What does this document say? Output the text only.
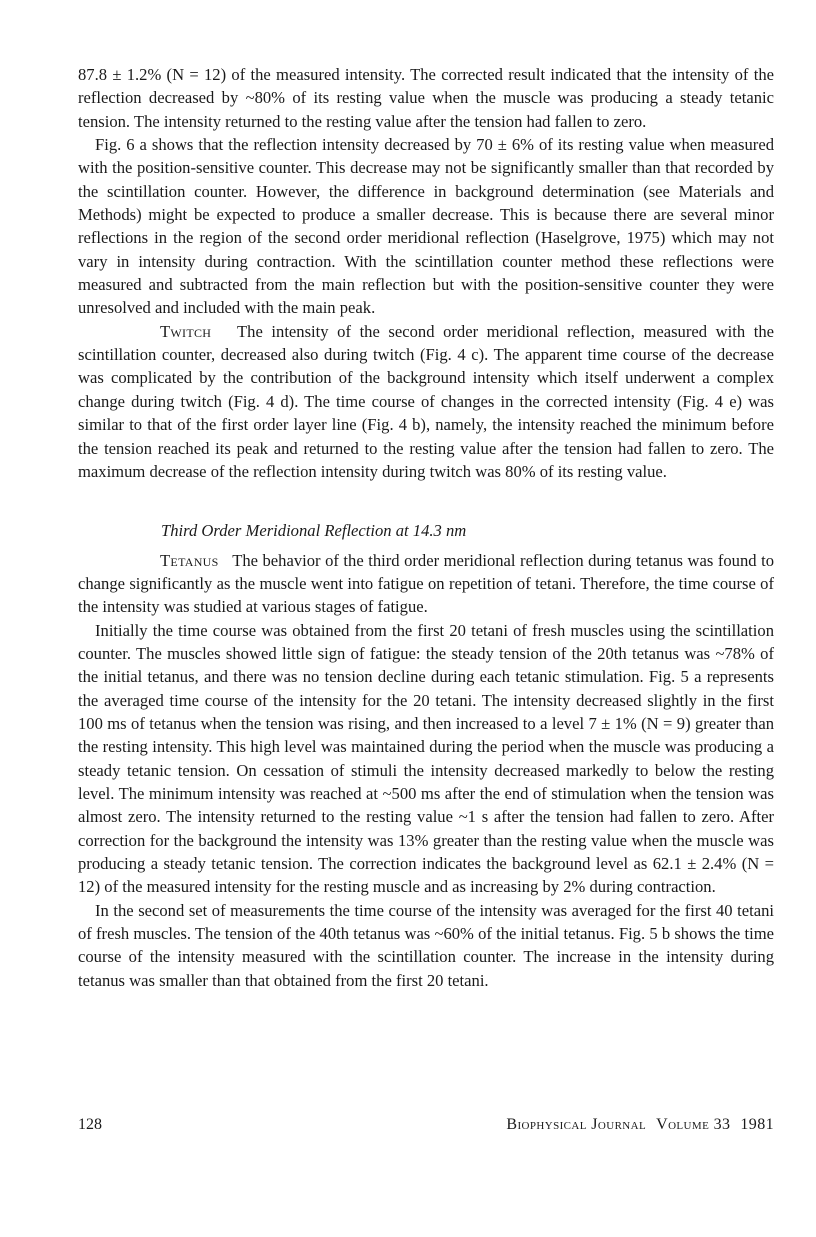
87.8 ± 1.2% (N = 12) of the measured intensity. The corrected result indicated that the intensity of the reflection decreased by ~80% of its resting value when the muscle was producing a steady tetanic tension. The intensity returned to the resting value after the tension had fallen to zero.

Fig. 6 a shows that the reflection intensity decreased by 70 ± 6% of its resting value when measured with the position-sensitive counter. This decrease may not be significantly smaller than that recorded by the scintillation counter. However, the difference in background determination (see Materials and Methods) might be expected to produce a smaller decrease. This is because there are several minor reflections in the region of the second order meridional reflection (Haselgrove, 1975) which may not vary in intensity during contraction. With the scintillation counter method these reflections were measured and subtracted from the main reflection but with the position-sensitive counter they were unresolved and included with the main peak.

Twitch The intensity of the second order meridional reflection, measured with the scintillation counter, decreased also during twitch (Fig. 4 c). The apparent time course of the decrease was complicated by the contribution of the background intensity which itself underwent a complex change during twitch (Fig. 4 d). The time course of changes in the corrected intensity (Fig. 4 e) was similar to that of the first order layer line (Fig. 4 b), namely, the intensity reached the minimum before the tension reached its peak and returned to the resting value after the tension had fallen to zero. The maximum decrease of the reflection intensity during twitch was 80% of its resting value.

Third Order Meridional Reflection at 14.3 nm

Tetanus The behavior of the third order meridional reflection during tetanus was found to change significantly as the muscle went into fatigue on repetition of tetani. Therefore, the time course of the intensity was studied at various stages of fatigue.

Initially the time course was obtained from the first 20 tetani of fresh muscles using the scintillation counter. The muscles showed little sign of fatigue: the steady tension of the 20th tetanus was ~78% of the initial tetanus, and there was no tension decline during each tetanic stimulation. Fig. 5 a represents the averaged time course of the intensity for the 20 tetani. The intensity decreased slightly in the first 100 ms of tetanus when the tension was rising, and then increased to a level 7 ± 1% (N = 9) greater than the resting intensity. This high level was maintained during the period when the muscle was producing a steady tetanic tension. On cessation of stimuli the intensity decreased markedly to below the resting level. The minimum intensity was reached at ~500 ms after the end of stimulation when the tension was almost zero. The intensity returned to the resting value ~1 s after the tension had fallen to zero. After correction for the background the intensity was 13% greater than the resting value when the muscle was producing a steady tetanic tension. The correction indicates the background level as 62.1 ± 2.4% (N = 12) of the measured intensity for the resting muscle and as increasing by 2% during contraction.

In the second set of measurements the time course of the intensity was averaged for the first 40 tetani of fresh muscles. The tension of the 40th tetanus was ~60% of the initial tetanus. Fig. 5 b shows the time course of the intensity measured with the scintillation counter. The increase in the intensity during tetanus was smaller than that obtained from the first 20 tetani.

128	Biophysical Journal Volume 33 1981
